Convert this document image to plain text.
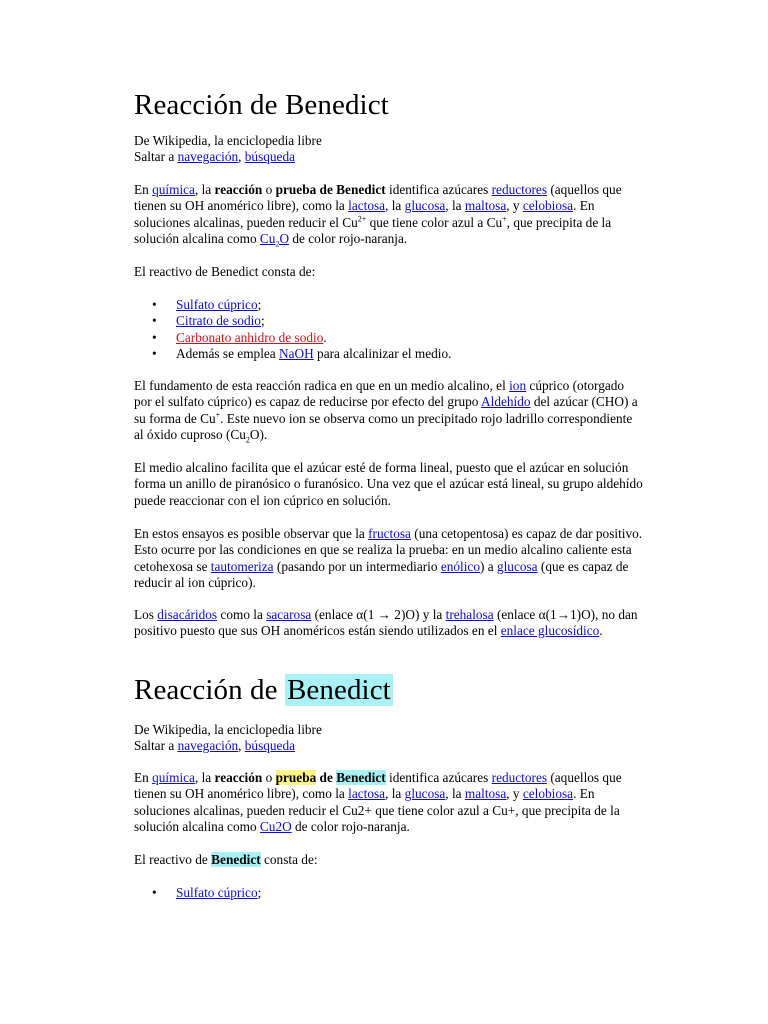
Reacción de Benedict

De Wikipedia, la enciclopedia libre

Saltar a navegación, búsqueda

En química, la reacción o prueba de Benedict identifica azúcares reductores (aquellos que tienen su OH anomérico libre), como la lactosa, la glucosa, la maltosa, y celobiosa. En soluciones alcalinas, pueden reducir el $Cu^{2+}$ que tiene color azul a Cu+, que precipita de la solución alcalina como $Cu_2O$ de color rojo-naranja.

El reactivo de Benedict consta de:

• Sulfato cúprico;
• Citrato de sodio;
• Carbonato anhidro de sodio.
• Además se emplea NaOH para alcalinizar el medio.

El fundamento de esta reacción radica en que en un medio alcalino, el ion cúprico (otorgado por el sulfato cúprico) es capaz de reducirse por efecto del grupo Aldehído del azúcar (CHO) a su forma de Cu+. Este nuevo ion se observa como un precipitado rojo ladrillo correspondiente al óxido cuproso $(Cu_2O)$.

El medio alcalino facilita que el azúcar esté de forma lineal, puesto que el azúcar en solución forma un anillo de piranósico o furanósico. Una vez que el azúcar está lineal, su grupo aldehído puede reaccionar con el ion cúprico en solución.

En estos ensayos es posible observar que la fructosa (una cetopentosa) es capaz de dar positivo. Esto ocurre por las condiciones en que se realiza la prueba: en un medio alcalino caliente esta cetohexosa se tautomeriza (pasando por un intermediario enólico) a glucosa (que es capaz de reducir al ion cúprico).

Los disacáridos como la sacarosa (enlace α(1 → 2)O) y la trehalosa (enlace α(1→1)O), no dan positivo puesto que sus OH anoméricos están siendo utilizados en el enlace glucosídico.

Reacción de Benedict

De Wikipedia, la enciclopedia libre

Saltar a navegación, búsqueda

En química, la reacción o prueba de Benedict identifica azúcares reductores (aquellos que tienen su OH anomérico libre), como la lactosa, la glucosa, la maltosa, y celobiosa. En soluciones alcalinas, pueden reducir el Cu2+ que tiene color azul a Cu+, que precipita de la solución alcalina como Cu2O de color rojo-naranja.

El reactivo de Benedict consta de:

• Sulfato cúprico;
